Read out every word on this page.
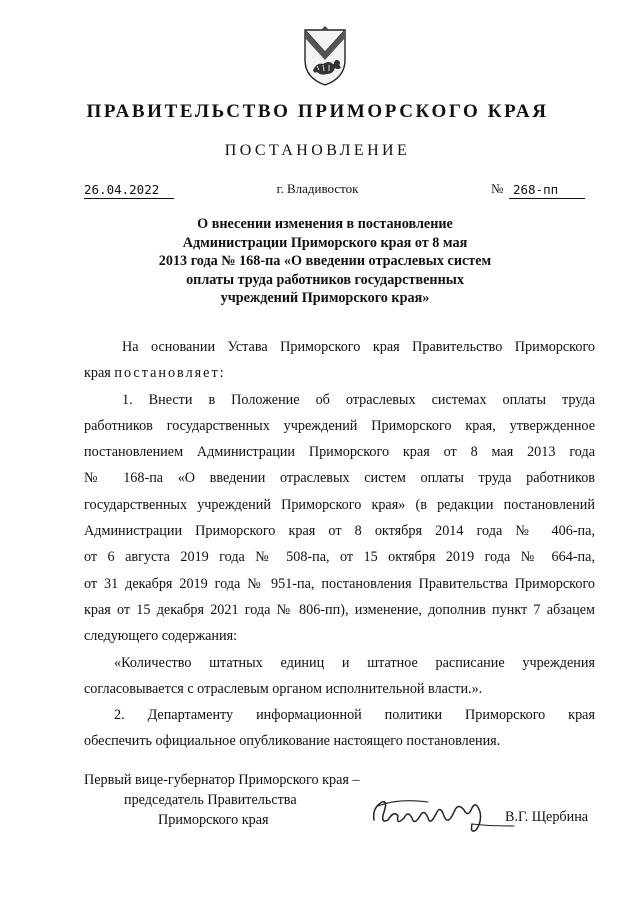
ПРАВИТЕЛЬСТВО ПРИМОРСКОГО КРАЯ
ПОСТАНОВЛЕНИЕ
26.04.2022	г. Владивосток	№ 268-пп
О внесении изменения в постановление
Администрации Приморского края от 8 мая
2013 года № 168-па «О введении отраслевых систем
оплаты труда работников государственных
учреждений Приморского края»
На основании Устава Приморского края Правительство Приморского
края постановляет:
1. Внести в Положение об отраслевых системах оплаты труда
работников государственных учреждений Приморского края, утвержденное
постановлением Администрации Приморского края от 8 мая 2013 года
№ 168-па «О введении отраслевых систем оплаты труда работников
государственных учреждений Приморского края» (в редакции постановлений
Администрации Приморского края от 8 октября 2014 года № 406-па,
от 6 августа 2019 года № 508-па, от 15 октября 2019 года № 664-па,
от 31 декабря 2019 года № 951-па, постановления Правительства Приморского
края от 15 декабря 2021 года № 806-пп), изменение, дополнив пункт 7 абзацем
следующего содержания:
«Количество штатных единиц и штатное расписание учреждения
согласовывается с отраслевым органом исполнительной власти.».
2. Департаменту информационной политики Приморского края
обеспечить официальное опубликование настоящего постановления.
Первый вице-губернатор Приморского края –
председатель Правительства
Приморского края	В.Г. Щербина
